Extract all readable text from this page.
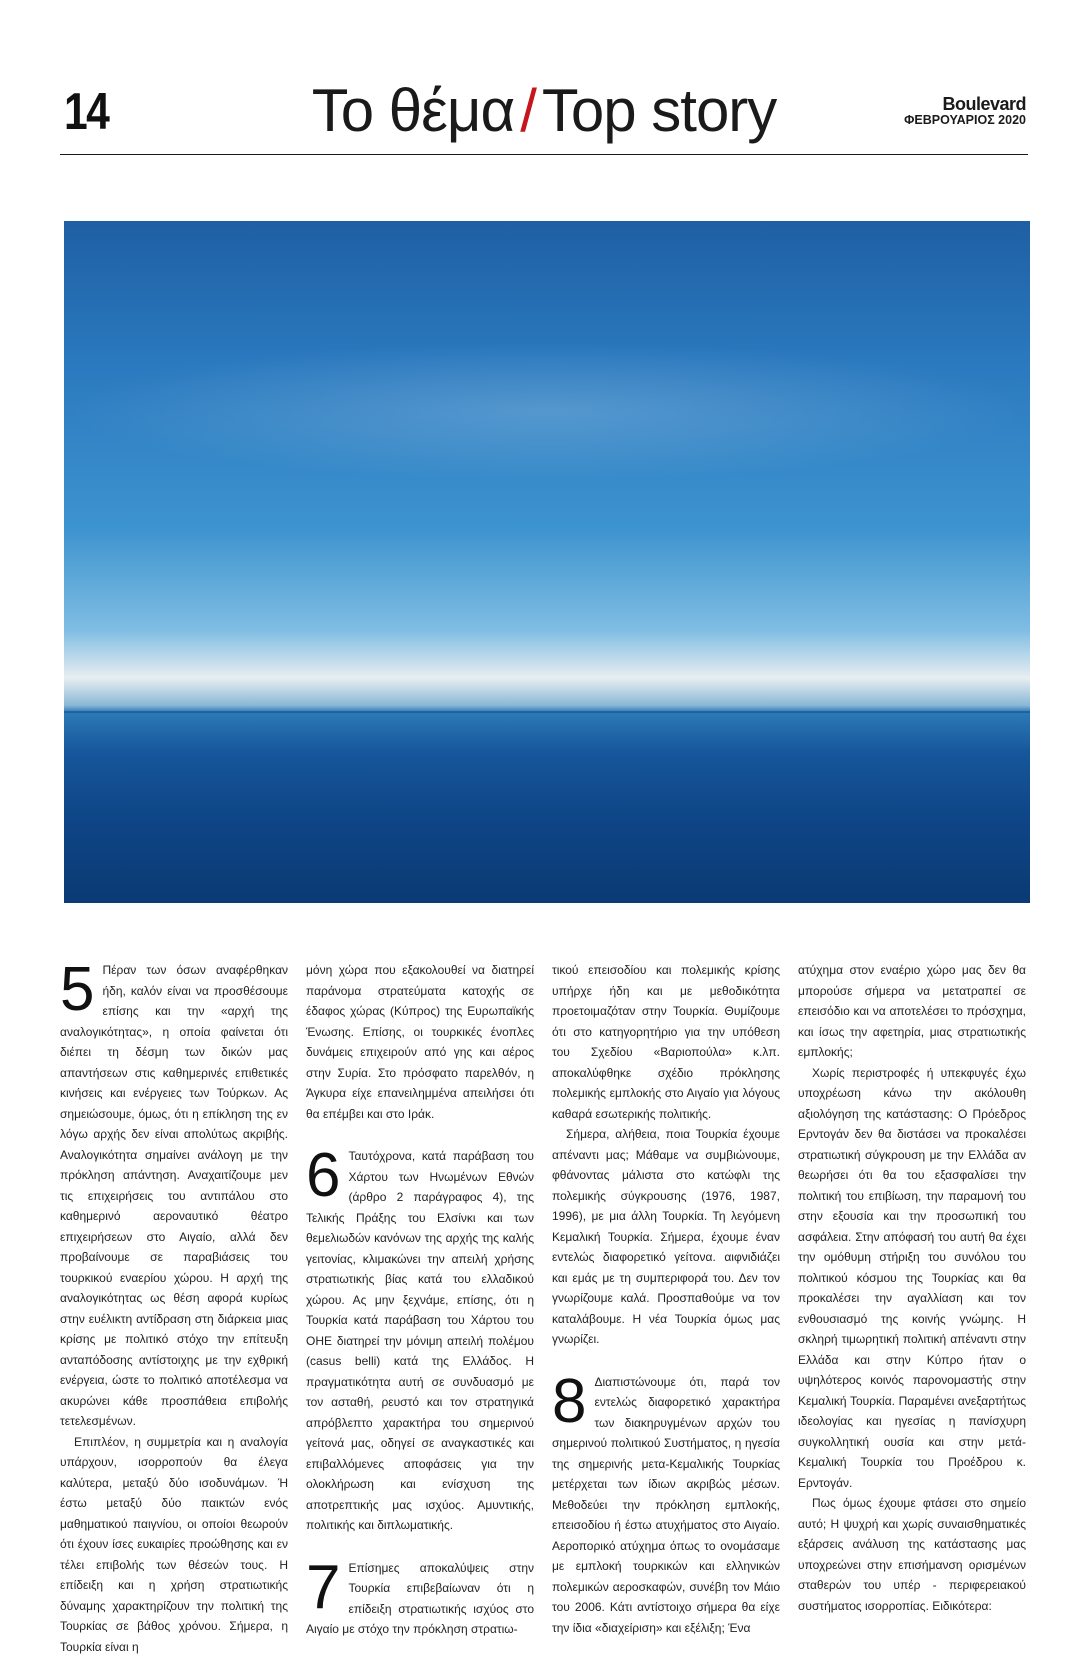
14	Το θέμα / Top story	Boulevard
ΦΕΒΡΟΥΑΡΙΟΣ 2020

5 Πέραν των όσων αναφέρθηκαν ήδη, καλόν είναι να προσθέσουμε επίσης και την «αρχή της αναλογικότητας», η οποία φαίνεται ότι διέπει τη δέσμη των δικών μας απαντήσεων στις καθημερινές επιθετικές κινήσεις και ενέργειες των Τούρκων. Ας σημειώσουμε, όμως, ότι η επίκληση της εν λόγω αρχής δεν είναι απολύτως ακριβής. Αναλογικότητα σημαίνει ανάλογη με την πρόκληση απάντηση. Αναχαιτίζουμε μεν τις επιχειρήσεις του αντιπάλου στο καθημερινό αεροναυτικό θέατρο επιχειρήσεων στο Αιγαίο, αλλά δεν προβαίνουμε σε παραβιάσεις του τουρκικού εναερίου χώρου. Η αρχή της αναλογικότητας ως θέση αφορά κυρίως στην ευέλικτη αντίδραση στη διάρκεια μιας κρίσης με πολιτικό στόχο την επίτευξη ανταπόδοσης αντίστοιχης με την εχθρική ενέργεια, ώστε το πολιτικό αποτέλεσμα να ακυρώνει κάθε προσπάθεια επιβολής τετελεσμένων.

Επιπλέον, η συμμετρία και η αναλογία υπάρχουν, ισορροπούν θα έλεγα καλύτερα, μεταξύ δύο ισοδυνάμων. Ή έστω μεταξύ δύο παικτών ενός μαθηματικού παιγνίου, οι οποίοι θεωρούν ότι έχουν ίσες ευκαιρίες προώθησης και εν τέλει επιβολής των θέσεών τους. Η επίδειξη και η χρήση στρατιωτικής δύναμης χαρακτηρίζουν την πολιτική της Τουρκίας σε βάθος χρόνου. Σήμερα, η Τουρκία είναι η

μόνη χώρα που εξακολουθεί να διατηρεί παράνομα στρατεύματα κατοχής σε έδαφος χώρας (Κύπρος) της Ευρωπαϊκής Ένωσης. Επίσης, οι τουρκικές ένοπλες δυνάμεις επιχειρούν από γης και αέρος στην Συρία. Στο πρόσφατο παρελθόν, η Άγκυρα είχε επανειλημμένα απειλήσει ότι θα επέμβει και στο Ιράκ.

6 Ταυτόχρονα, κατά παράβαση του Χάρτου των Ηνωμένων Εθνών (άρθρο 2 παράγραφος 4), της Τελικής Πράξης του Ελσίνκι και των θεμελιωδών κανόνων της αρχής της καλής γειτονίας, κλιμακώνει την απειλή χρήσης στρατιωτικής βίας κατά του ελλαδικού χώρου. Ας μην ξεχνάμε, επίσης, ότι η Τουρκία κατά παράβαση του Χάρτου του ΟΗΕ διατηρεί την μόνιμη απειλή πολέμου (casus belli) κατά της Ελλάδος. Η πραγματικότητα αυτή σε συνδυασμό με τον ασταθή, ρευστό και τον στρατηγικά απρόβλεπτο χαρακτήρα του σημερινού γείτονά μας, οδηγεί σε αναγκαστικές και επιβαλλόμενες αποφάσεις για την ολοκλήρωση και ενίσχυση της αποτρεπτικής μας ισχύος. Αμυντικής, πολιτικής και διπλωματικής.

7 Επίσημες αποκαλύψεις στην Τουρκία επιβεβαίωναν ότι η επίδειξη στρατιωτικής ισχύος στο Αιγαίο με στόχο την πρόκληση στρατιω-

τικού επεισοδίου και πολεμικής κρίσης υπήρχε ήδη και με μεθοδικότητα προετοιμαζόταν στην Τουρκία. Θυμίζουμε ότι στο κατηγορητήριο για την υπόθεση του Σχεδίου «Βαριοπούλα» κ.λπ. αποκαλύφθηκε σχέδιο πρόκλησης πολεμικής εμπλοκής στο Αιγαίο για λόγους καθαρά εσωτερικής πολιτικής.

Σήμερα, αλήθεια, ποια Τουρκία έχουμε απέναντι μας; Μάθαμε να συμβιώνουμε, φθάνοντας μάλιστα στο κατώφλι της πολεμικής σύγκρουσης (1976, 1987, 1996), με μια άλλη Τουρκία. Τη λεγόμενη Κεμαλική Τουρκία. Σήμερα, έχουμε έναν εντελώς διαφορετικό γείτονα. αιφνιδιάζει και εμάς με τη συμπεριφορά του. Δεν τον γνωρίζουμε καλά. Προσπαθούμε να τον καταλάβουμε. Η νέα Τουρκία όμως μας γνωρίζει.

8 Διαπιστώνουμε ότι, παρά τον εντελώς διαφορετικό χαρακτήρα των διακηρυγμένων αρχών του σημερινού πολιτικού Συστήματος, η ηγεσία της σημερινής μετα-Κεμαλικής Τουρκίας μετέρχεται των ίδιων ακριβώς μέσων. Μεθοδεύει την πρόκληση εμπλοκής, επεισοδίου ή έστω ατυχήματος στο Αιγαίο. Αεροπορικό ατύχημα όπως το ονομάσαμε με εμπλοκή τουρκικών και ελληνικών πολεμικών αεροσκαφών, συνέβη τον Μάιο του 2006. Κάτι αντίστοιχο σήμερα θα είχε την ίδια «διαχείριση» και εξέλιξη; Ένα

ατύχημα στον εναέριο χώρο μας δεν θα μπορούσε σήμερα να μετατραπεί σε επεισόδιο και να αποτελέσει το πρόσχημα, και ίσως την αφετηρία, μιας στρατιωτικής εμπλοκής;

Χωρίς περιστροφές ή υπεκφυγές έχω υποχρέωση κάνω την ακόλουθη αξιολόγηση της κατάστασης: Ο Πρόεδρος Ερντογάν δεν θα διστάσει να προκαλέσει στρατιωτική σύγκρουση με την Ελλάδα αν θεωρήσει ότι θα του εξασφαλίσει την πολιτική του επιβίωση, την παραμονή του στην εξουσία και την προσωπική του ασφάλεια. Στην απόφασή του αυτή θα έχει την ομόθυμη στήριξη του συνόλου του πολιτικού κόσμου της Τουρκίας και θα προκαλέσει την αγαλλίαση και τον ενθουσιασμό της κοινής γνώμης. Η σκληρή τιμωρητική πολιτική απέναντι στην Ελλάδα και στην Κύπρο ήταν ο υψηλότερος κοινός παρονομαστής στην Κεμαλική Τουρκία. Παραμένει ανεξαρτήτως ιδεολογίας και ηγεσίας η πανίσχυρη συγκολλητική ουσία και στην μετά-Κεμαλική Τουρκία του Προέδρου κ. Ερντογάν.

Πως όμως έχουμε φτάσει στο σημείο αυτό; Η ψυχρή και χωρίς συναισθηματικές εξάρσεις ανάλυση της κατάστασης μας υποχρεώνει στην επισήμανση ορισμένων σταθερών του υπέρ - περιφερειακού συστήματος ισορροπίας. Ειδικότερα:
